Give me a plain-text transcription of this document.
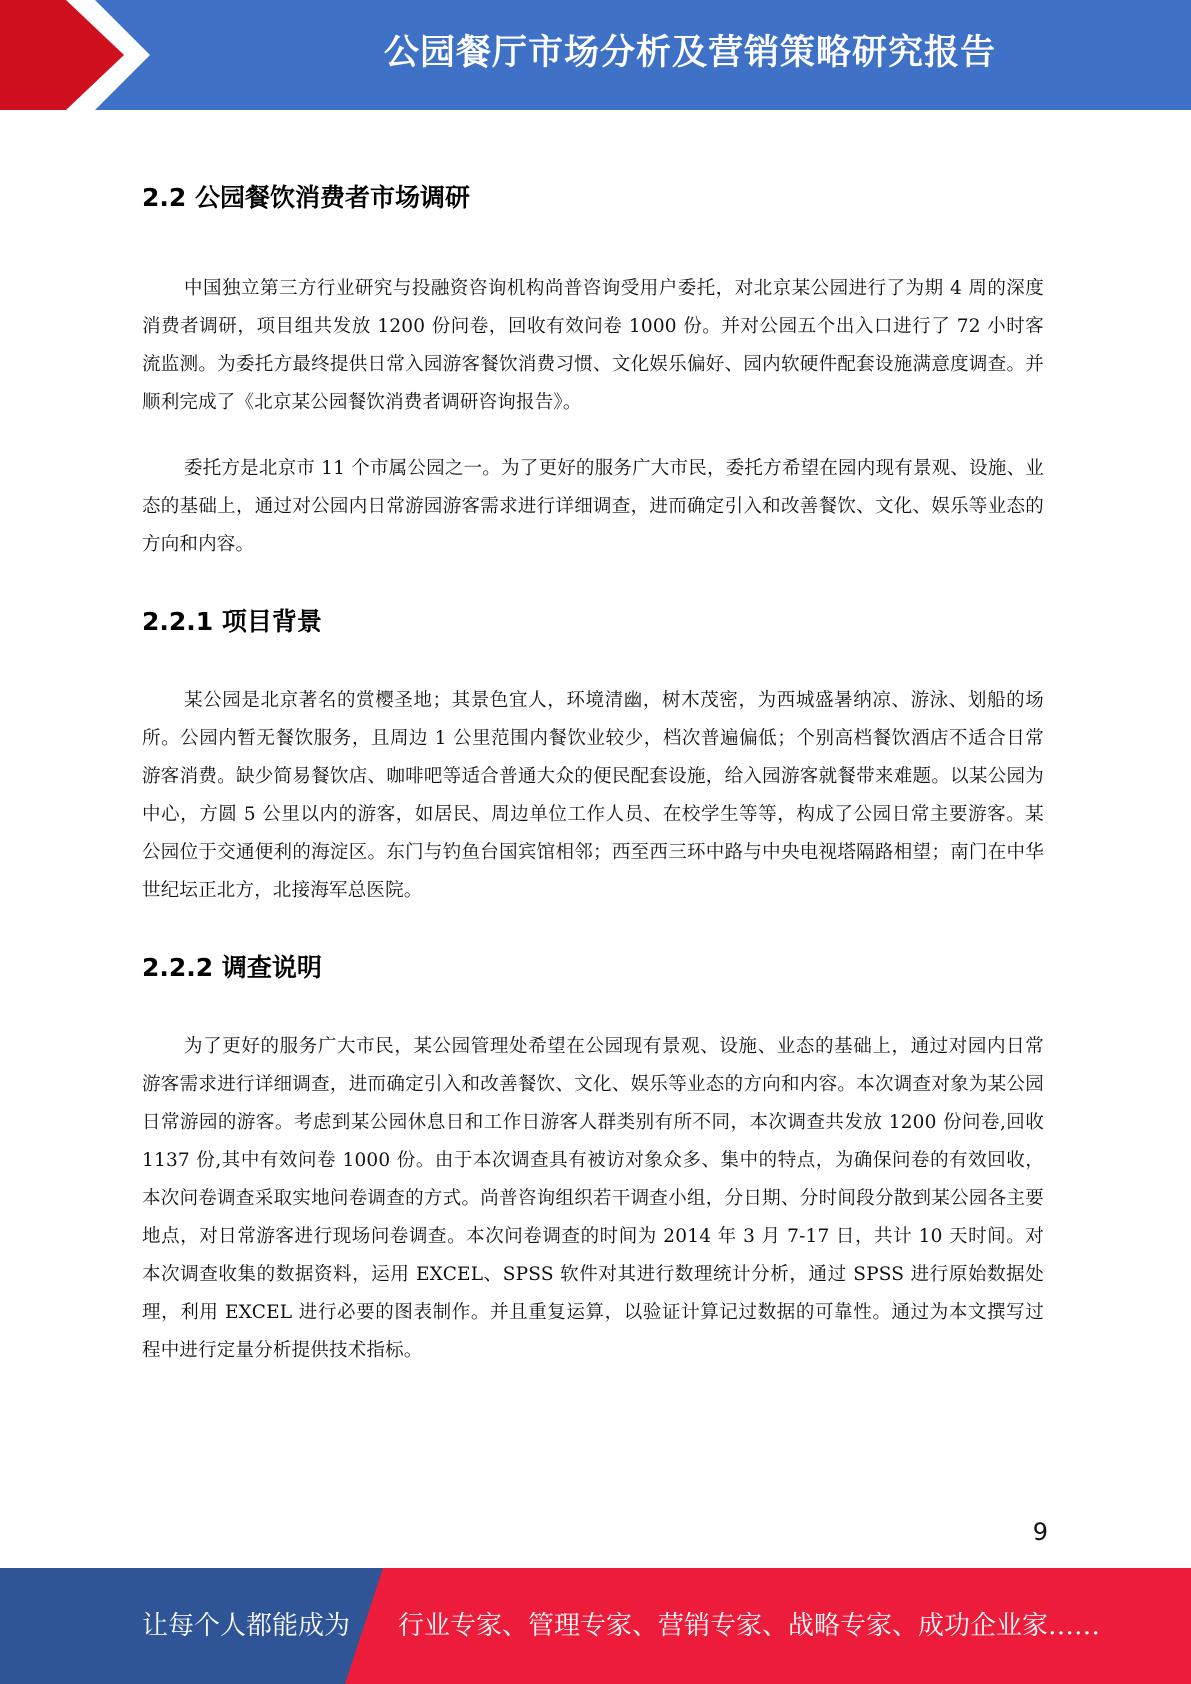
公园餐厅市场分析及营销策略研究报告
2.2 公园餐饮消费者市场调研

中国独立第三方行业研究与投融资咨询机构尚普咨询受用户委托，对北京某公园进行了为期 4 周的深度消费者调研，项目组共发放 1200 份问卷，回收有效问卷 1000 份。并对公园五个出入口进行了 72 小时客流监测。为委托方最终提供日常入园游客餐饮消费习惯、文化娱乐偏好、园内软硬件配套设施满意度调查。并顺利完成了《北京某公园餐饮消费者调研咨询报告》。

委托方是北京市 11 个市属公园之一。为了更好的服务广大市民，委托方希望在园内现有景观、设施、业态的基础上，通过对公园内日常游园游客需求进行详细调查，进而确定引入和改善餐饮、文化、娱乐等业态的方向和内容。

2.2.1 项目背景

某公园是北京著名的赏樱圣地；其景色宜人，环境清幽，树木茂密，为西城盛暑纳凉、游泳、划船的场所。公园内暂无餐饮服务，且周边 1 公里范围内餐饮业较少，档次普遍偏低；个别高档餐饮酒店不适合日常游客消费。缺少简易餐饮店、咖啡吧等适合普通大众的便民配套设施，给入园游客就餐带来难题。以某公园为中心，方圆 5 公里以内的游客，如居民、周边单位工作人员、在校学生等等，构成了公园日常主要游客。某公园位于交通便利的海淀区。东门与钓鱼台国宾馆相邻；西至西三环中路与中央电视塔隔路相望；南门在中华世纪坛正北方，北接海军总医院。

2.2.2 调查说明

为了更好的服务广大市民，某公园管理处希望在公园现有景观、设施、业态的基础上，通过对园内日常游客需求进行详细调查，进而确定引入和改善餐饮、文化、娱乐等业态的方向和内容。本次调查对象为某公园日常游园的游客。考虑到某公园休息日和工作日游客人群类别有所不同，本次调查共发放 1200 份问卷,回收 1137 份,其中有效问卷 1000 份。由于本次调查具有被访对象众多、集中的特点，为确保问卷的有效回收，本次问卷调查采取实地问卷调查的方式。尚普咨询组织若干调查小组，分日期、分时间段分散到某公园各主要地点，对日常游客进行现场问卷调查。本次问卷调查的时间为 2014 年 3 月 7-17 日，共计 10 天时间。对本次调查收集的数据资料，运用 EXCEL、SPSS 软件对其进行数理统计分析，通过 SPSS 进行原始数据处理，利用 EXCEL 进行必要的图表制作。并且重复运算，以验证计算记过数据的可靠性。通过为本文撰写过程中进行定量分析提供技术指标。

9
让每个人都能成为 行业专家、管理专家、营销专家、战略专家、成功企业家……
